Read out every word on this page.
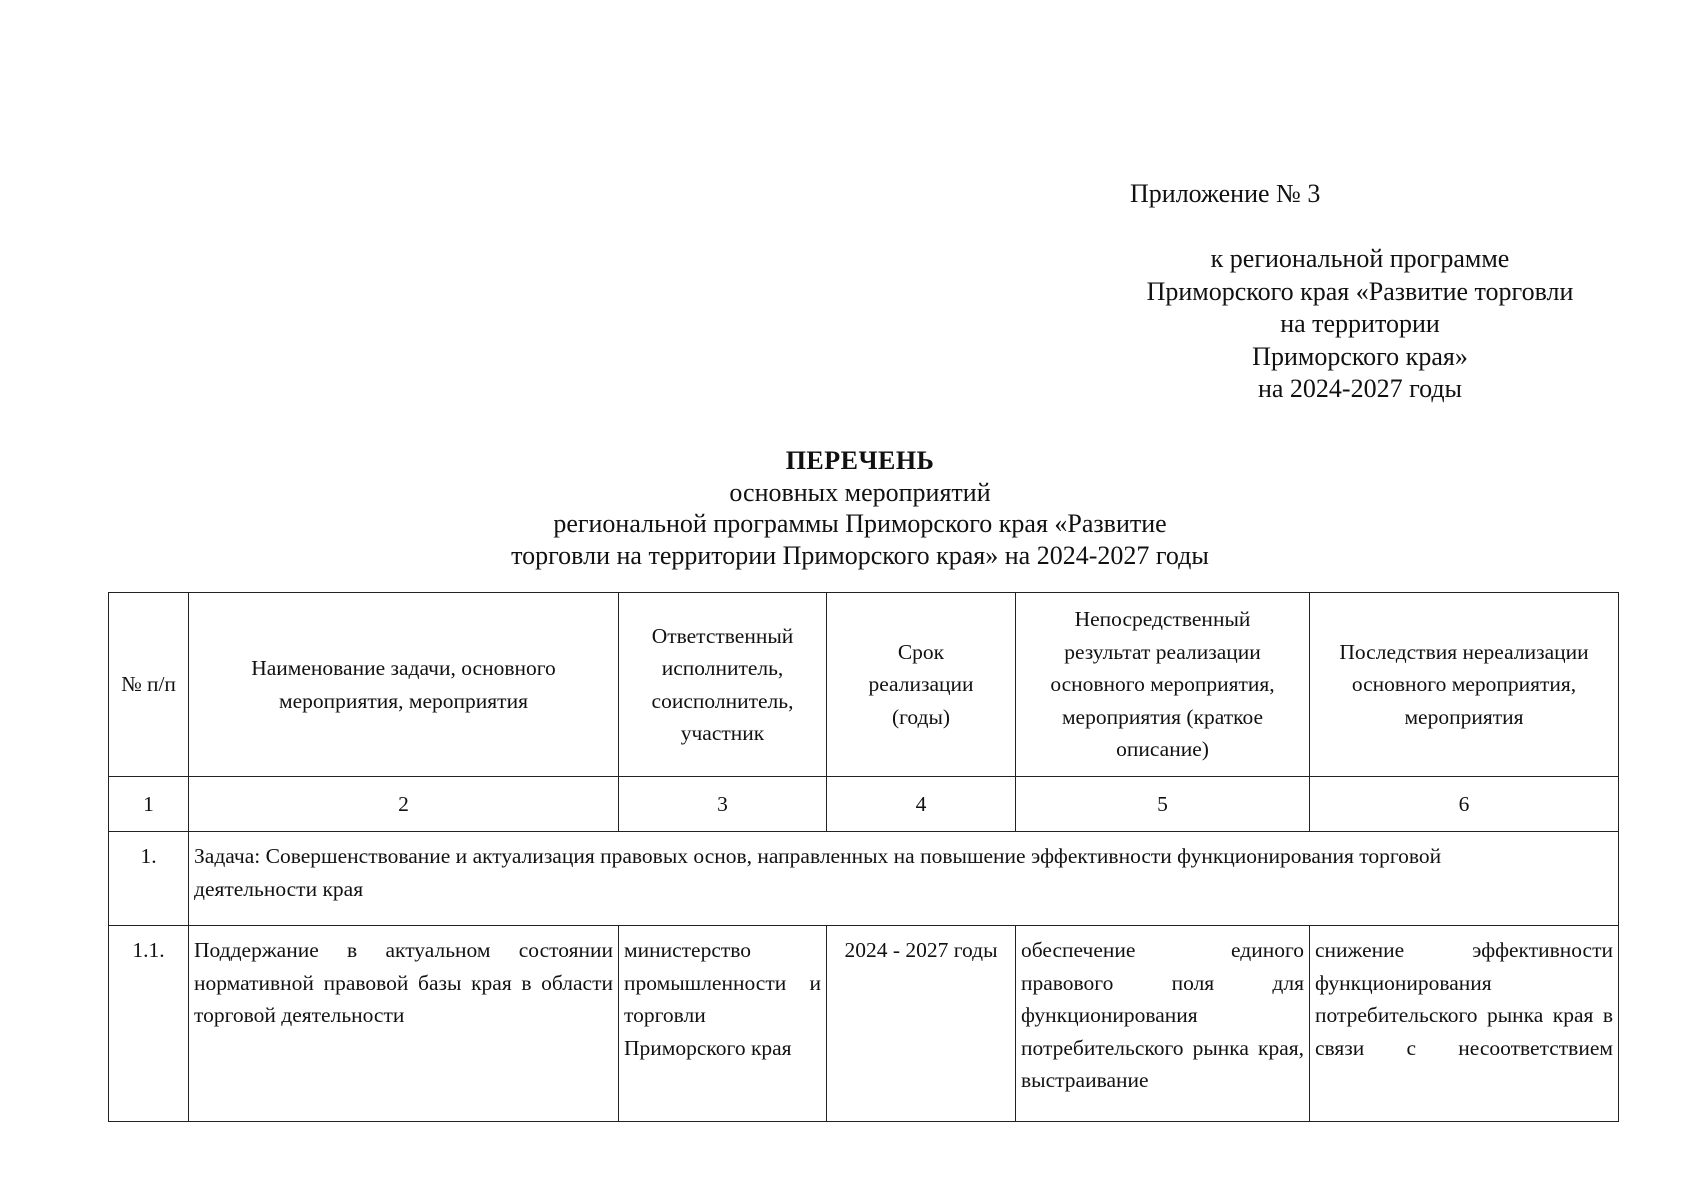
Приложение № 3
к региональной программе
Приморского края «Развитие торговли
на территории
Приморского края»
на 2024-2027 годы
ПЕРЕЧЕНЬ
основных мероприятий
региональной программы Приморского края «Развитие
торговли на территории Приморского края» на 2024-2027 годы
№ п/п	Наименование задачи, основного мероприятия, мероприятия	Ответственный исполнитель, соисполнитель, участник	Срок реализации (годы)	Непосредственный результат реализации основного мероприятия, мероприятия (краткое описание)	Последствия нереализации основного мероприятия, мероприятия
1	2	3	4	5	6
1.	Задача: Совершенствование и актуализация правовых основ, направленных на повышение эффективности функционирования торговой деятельности края				
1.1.	Поддержание в актуальном состоянии нормативной правовой базы края в области торговой деятельности	министерство промышленности и торговли Приморского края	2024 - 2027 годы	обеспечение единого правового поля для функционирования потребительского рынка края, выстраивание	снижение эффективности функционирования потребительского рынка края в связи с несоответствием
